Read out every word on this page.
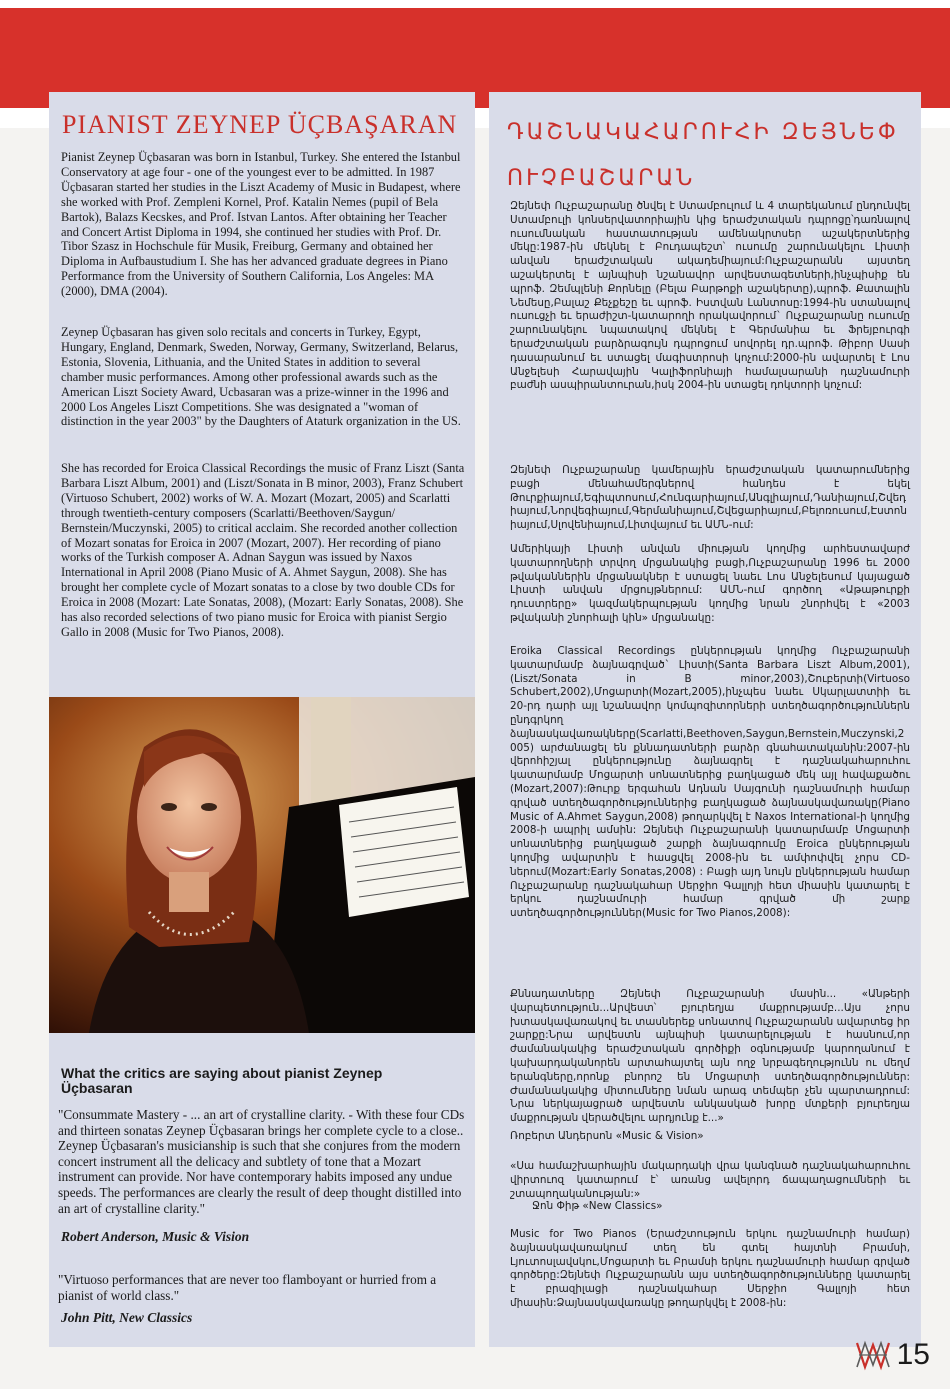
PIANIST ZEYNEP ÜÇBAŞARAN ԴԱՇՆԱԿԱՀԱՐՈՒՀԻ ԶԵՅՆԵՓ ՈՒՉԲԱՇԱՐԱՆ

Pianist Zeynep Üçbasaran was born in Istanbul, Turkey. She entered the Istanbul Conservatory at age four - one of the youngest ever to be admitted. In 1987 Üçbasaran started her studies in the Liszt Academy of Music in Budapest, where she worked with Prof. Zempleni Kornel, Prof. Katalin Nemes (pupil of Bela Bartok), Balazs Kecskes, and Prof. Istvan Lantos. After obtaining her Teacher and Concert Artist Diploma in 1994, she continued her studies with Prof. Dr. Tibor Szasz in Hochschule für Musik, Freiburg, Germany and obtained her Diploma in Aufbaustudium I. She has her advanced graduate degrees in Piano Performance from the University of Southern California, Los Angeles: MA (2000), DMA (2004).

Zeynep Üçbasaran has given solo recitals and concerts in Turkey, Egypt, Hungary, England, Denmark, Sweden, Norway, Germany, Switzerland, Belarus, Estonia, Slovenia, Lithuania, and the United States in addition to several chamber music performances. Among other professional awards such as the American Liszt Society Award, Ucbasaran was a prize-winner in the 1996 and 2000 Los Angeles Liszt Competitions. She was designated a "woman of distinction in the year 2003" by the Daughters of Ataturk organization in the US.

She has recorded for Eroica Classical Recordings the music of Franz Liszt (Santa Barbara Liszt Album, 2001) and (Liszt/Sonata in B minor, 2003), Franz Schubert (Virtuoso Schubert, 2002) works of W. A. Mozart (Mozart, 2005) and Scarlatti through twentieth-century composers (Scarlatti/Beethoven/Saygun/ Bernstein/Muczynski, 2005) to critical acclaim. She recorded another collection of Mozart sonatas for Eroica in 2007 (Mozart, 2007). Her recording of piano works of the Turkish composer A. Adnan Saygun was issued by Naxos International in April 2008 (Piano Music of A. Ahmet Saygun, 2008). She has brought her complete cycle of Mozart sonatas to a close by two double CDs for Eroica in 2008 (Mozart: Late Sonatas, 2008), (Mozart: Early Sonatas, 2008). She has also recorded selections of two piano music for Eroica with pianist Sergio Gallo in 2008 (Music for Two Pianos, 2008).

What the critics are saying about pianist Zeynep Üçbasaran

"Consummate Mastery - ... an art of crystalline clarity. - With these four CDs and thirteen sonatas Zeynep Üçbasaran brings her complete cycle to a close.. Zeynep Üçbasaran's musicianship is such that she conjures from the modern concert instrument all the delicacy and subtlety of tone that a Mozart instrument can provide. Nor have contemporary habits imposed any undue speeds. The performances are clearly the result of deep thought distilled into an art of crystalline clarity."

Robert Anderson, Music & Vision

"Virtuoso performances that are never too flamboyant or hurried from a pianist of world class."

John Pitt, New Classics

Զեյնեփ Ուչբաշարանը ծնվել է Ստամբուլում և 4 տարեկանում ընդունվել Ստամբուլի կոնսերվատորիային կից երաժշտական դպրոցը՝դառնալով ուսումնական հաստատության ամենակրտսեր աշակերտներից մեկը:1987-ին մեկնել է Բուդապեշտ՝ ուսումը շարունակելու Լիստի անվան երաժշտական ակադեմիայում:Ուչբաշարանն այստեղ աշակերտել է այնպիսի նշանավոր արվեստագետների,ինչպիսիք են պրոֆ. Զեմպլենի Քորնելը (Բելա Բարթոքի աշակերտը),պրոֆ. Քատալին Նեմեսը,Բալաշ Քեչքեշը եւ պրոֆ. Իստվան Լանտոսը:1994-ին ստանալով ուսուցչի եւ երաժիշտ-կատարողի որակավորում` Ուչբաշարանը ուսումը շարունակելու նպատակով մեկնել է Գերմանիա եւ Ֆրեյբուրգի երաժշտական բարձրագույն դպրոցում սովորել դր.պրոֆ. Թիբոր Սասի դասարանում եւ ստացել մագիստրոսի կոչում:2000-ին ավարտել է Լոս Անջելեսի Հարավային Կալիֆորնիայի համալսարանի դաշնամուրի բաժնի ասպիրանտուրան,իսկ 2004-ին ստացել դոկտորի կոչում:

Զեյնեփ Ուչբաշարանը կամերային երաժշտական կատարումներից բացի մենահամերգներով հանդես է եկել Թուրքիայում,Եգիպտոսում,Հունգարիայում,Անգլիայում,Դանիայում,Շվեդիայում,Նորվեգիայում,Գերմանիայում,Շվեցարիայում,Բելոռուսում,Էստոնիայում,Սլովենիայում,Լիտվայում եւ ԱՄՆ-ում:

Ամերիկայի Լիստի անվան միության կողմից արհեստավարժ կատարողների տրվող մրցանակից բացի,Ուչբաշարանը 1996 եւ 2000 թվականներին մրցանակներ է ստացել նաեւ Լոս Անջելեսում կայացած Լիստի անվան մրցույթներում: ԱՄՆ-ում գործող «Աթաթուրքի դուստրերը» կազմակերպության կողմից նրան շնորհվել է «2003 թվականի շնորհալի կին» մրցանակը:

Eroika Classical Recordings ընկերության կողմից Ուչբաշարանի կատարմամբ ձայնագրված` Լիստի(Santa Barbara Liszt Album,2001),(Liszt/Sonata in B minor,2003),Շուբերտի(Virtuoso Schubert,2002),Մոցարտի(Mozart,2005),ինչպես նաեւ Սկարլատտիի եւ 20-րդ դարի այլ նշանավոր կոմպոզիտորների ստեղծագործություններն ընդգրկող ձայնասկավառակները(Scarlatti,Beethoven,Saygun,Bernstein,Muczynski,2005) արժանացել են քննադատների բարձր գնահատականին:2007-ին վերոհիշյալ ընկերությունը ձայնագրել է դաշնակահարուհու կատարմամբ Մոցարտի սոնատներից բաղկացած մեկ այլ հավաքածու (Mozart,2007):Թուրք երգահան Ադնան Սայգունի դաշնամուրի համար գրված ստեղծագործություններից բաղկացած ձայնասկավառակը(Piano Music of A.Ahmet Saygun,2008) թողարկվել է Naxos International-ի կողմից 2008-ի ապրիլ ամսին: Զեյնեփ Ուչբաշարանի կատարմամբ Մոցարտի սոնատներից բաղկացած շարքի ձայնագրումը Eroica ընկերության կողմից ավարտին է հասցվել 2008-ին եւ ամփոփվել չորս CD-ներում(Mozart:Early Sonatas,2008) : Բացի այդ նույն ընկերության համար Ուչբաշարանը դաշնակահար Սերջիո Գալլոյի հետ միասին կատարել է երկու դաշնամուրի համար գրված մի շարք ստեղծագործություններ(Music for Two Pianos,2008):

Քննադատները Զեյնեփ Ուչբաշարանի մասին... «Անթերի վարպետություն...Արվեստ՝ բյուրեղյա մաքրությամբ...Այս չորս խտասկավառակով եւ տասներեք սոնատով Ուչբաշարանն ավարտեց իր շարքը:Նրա արվեստն այնպիսի կատարելության է հասնում,որ ժամանակակից երաժշտական գործիքի օգնությամբ կարողանում է կախարդականորեն արտահայտել այն ողջ նրբագեղությունն ու մեղմ երանգները,որոնք բնորոշ են Մոցարտի ստեղծագործություններ: Ժամանակակից միտումները նման արագ տեմպեր չեն պարտադրում: Նրա ներկայացրած արվեստն անկասկած խորը մտքերի բյուրեղյա մաքրության վերածվելու արդյունք է...»

Ռոբերտ Անդերսոն «Music & Vision»

«Սա համաշխարհային մակարդակի վրա կանգնած դաշնակահարուհու վիրտուոզ կատարում է՝ առանց ավելորդ ճապաղացումների եւ շտապողականության:»

Ջոն Փիթ «New Classics»

Music for Two Pianos (Երաժշտություն երկու դաշնամուրի համար) ձայնասկավառակում տեղ են գտել հայտնի Բրամսի, Լյուտոսլավսկու,Մոցարտի եւ Բրամսի երկու դաշնամուրի համար գրված գործերը:Զեյնեփ Ուչբաշարանն այս ստեղծագործությունները կատարել է բրազիլացի դաշնակահար Սերջիո Գալլոյի հետ միասին:Ձայնասկավառակը թողարկվել է 2008-ին:

15
